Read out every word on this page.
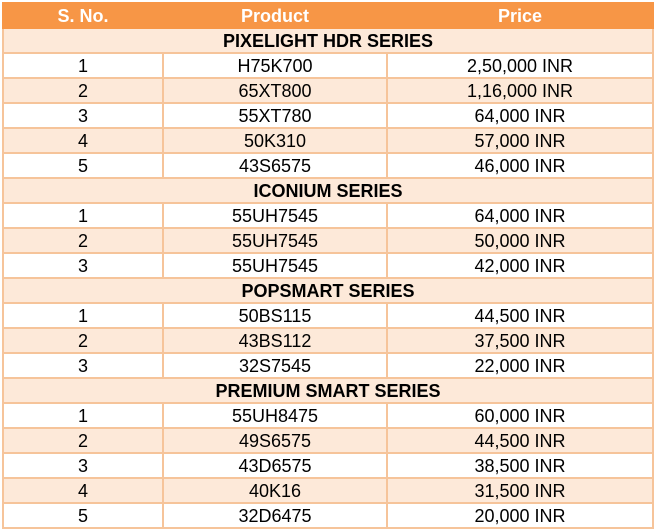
S. No.	Product	Price
PIXELIGHT HDR SERIES		
1	H75K700	2,50,000 INR
2	65XT800	1,16,000 INR
3	55XT780	64,000 INR
4	50K310	57,000 INR
5	43S6575	46,000 INR
ICONIUM SERIES		
1	55UH7545	64,000 INR
2	55UH7545	50,000 INR
3	55UH7545	42,000 INR
POPSMART SERIES		
1	50BS115	44,500 INR
2	43BS112	37,500 INR
3	32S7545	22,000 INR
PREMIUM SMART SERIES		
1	55UH8475	60,000 INR
2	49S6575	44,500 INR
3	43D6575	38,500 INR
4	40K16	31,500 INR
5	32D6475	20,000 INR
